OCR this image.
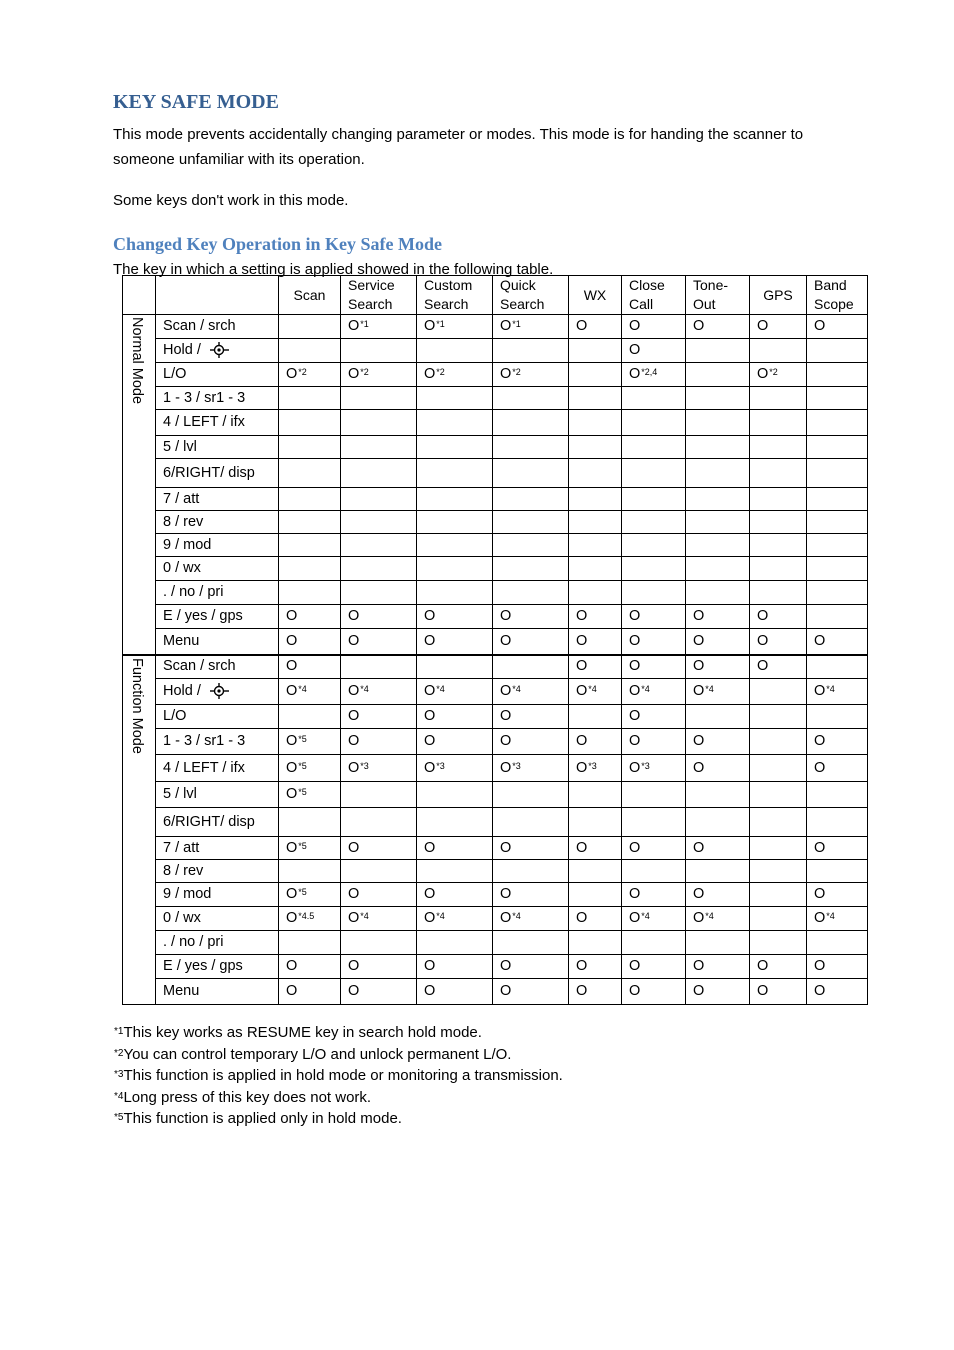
KEY SAFE MODE

This mode prevents accidentally changing parameter or modes. This mode is for handing the scanner to someone unfamiliar with its operation.

Some keys don't work in this mode.

Changed Key Operation in Key Safe Mode

The key in which a setting is applied showed in the following table.

		Scan	Service Search	Custom Search	Quick Search	WX	Close Call	Tone-Out	GPS	Band Scope

Normal Mode	Scan / srch		$O^{*1}$	$O^{*1}$	$O^{*1}$	O	O	O	O	O
	Hold /						O			
	L/O	$O^{*2}$	$O^{*2}$	$O^{*2}$	$O^{*2}$		O$^{*2,4}$		$O^{*2}$	
	1 - 3 / sr1 - 3									
	4 / LEFT / ifx									
	5 / lvl									
	6/RIGHT/ disp									
	7 / att									
	8 / rev									
	9 / mod									
	0 / wx									
	. / no / pri									
	E / yes / gps	O	O	O	O	O	O	O	O	
	Menu	O	O	O	O	O	O	O	O	O

Function Mode	Scan / srch	O				O	O	O	O	
	Hold /	$O^{*4}$	$O^{*4}$	$O^{*4}$	$O^{*4}$	$O^{*4}$	$O^{*4}$	$O^{*4}$		$O^{*4}$
	L/O		O	O	O		O			
	1 - 3 / sr1 - 3	$O^{*5}$	O	O	O	O	O	O		O
	4 / LEFT / ifx	$O^{*5}$	$O^{*3}$	$O^{*3}$	$O^{*3}$	$O^{*3}$	$O^{*3}$	O		O
	5 / lvl	$O^{*5}$								
	6/RIGHT/ disp									
	7 / att	$O^{*5}$	O	O	O	O	O	O		O
	8 / rev									
	9 / mod	$O^{*5}$	O	O	O		O	O		O
	0 / wx	$O^{*4.5}$	$O^{*4}$	$O^{*4}$	$O^{*4}$	O	$O^{*4}$	$O^{*4}$		$O^{*4}$
	. / no / pri									
	E / yes / gps	O	O	O	O	O	O	O	O	O
	Menu	O	O	O	O	O	O	O	O	O
$^{*1}$This key works as RESUME key in search hold mode.
$^{*2}$You can control temporary L/O and unlock permanent L/O.
$^{*3}$This function is applied in hold mode or monitoring a transmission.
$^{*4}$Long press of this key does not work.
$^{*5}$This function is applied only in hold mode.
